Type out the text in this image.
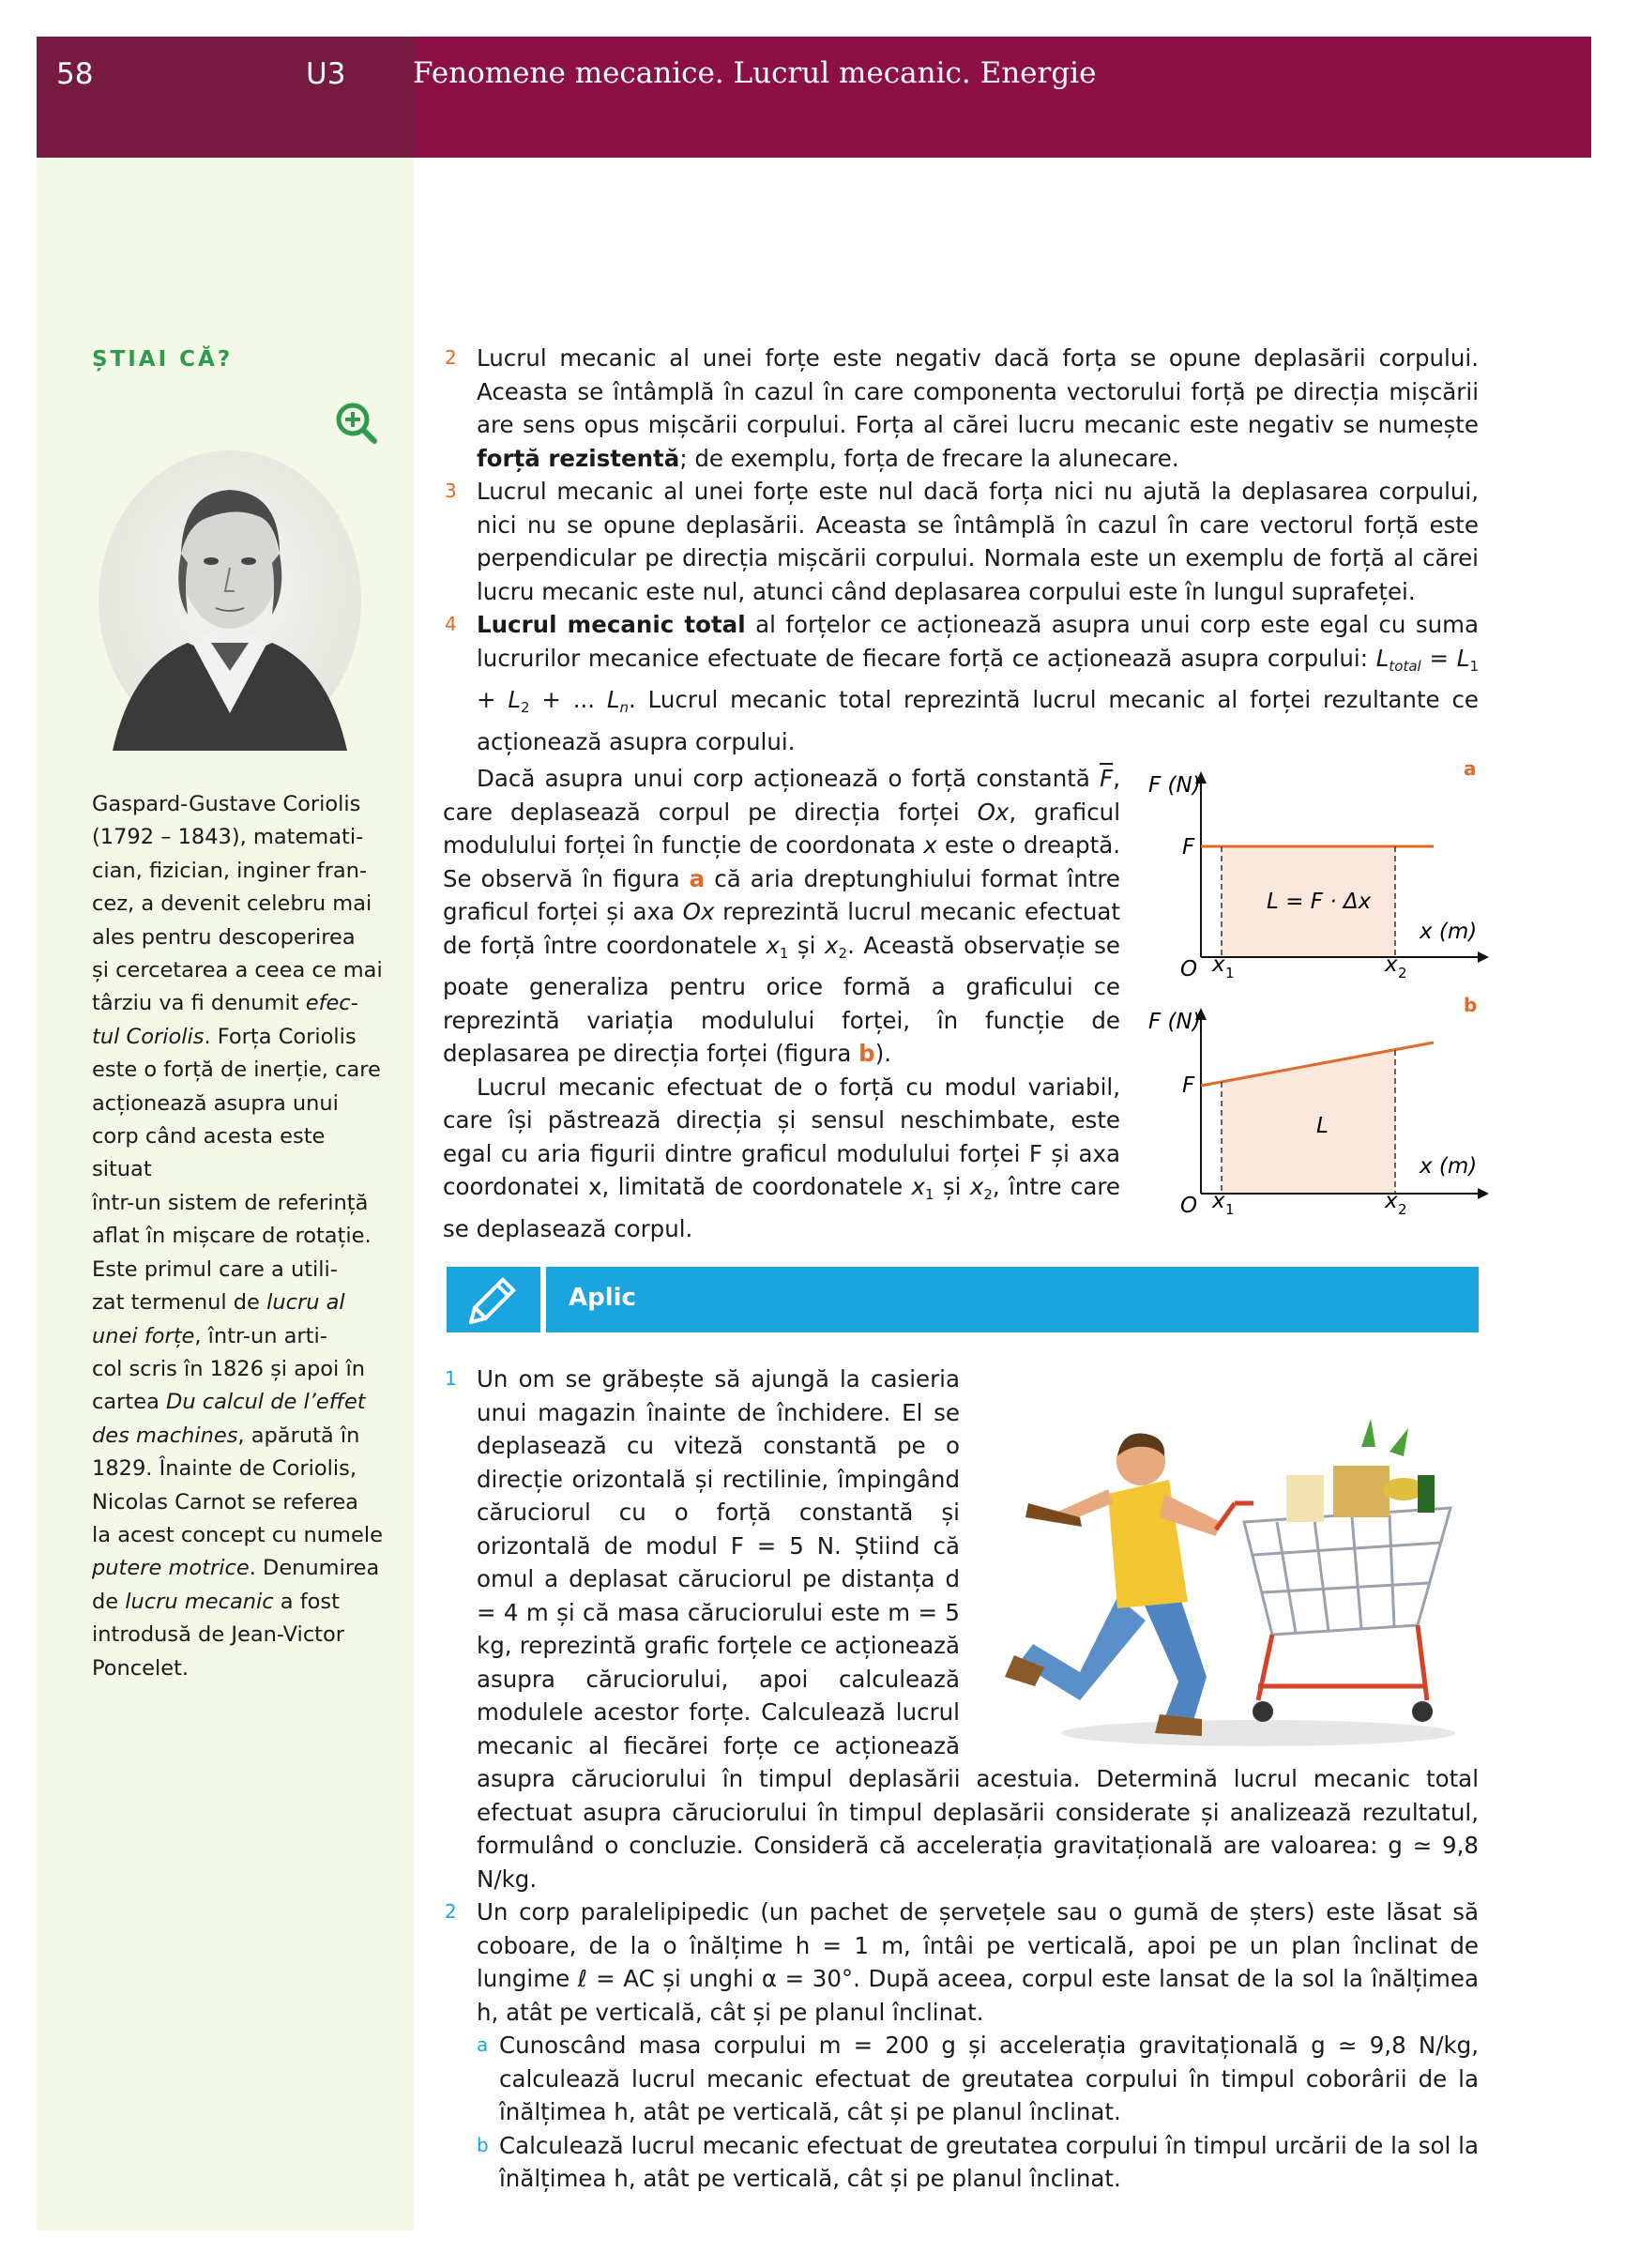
58	U3 Fenomene mecanice. Lucrul mecanic. Energie
ȘTIAI CĂ?
Gaspard-Gustave Coriolis
(1792 – 1843), matemati-
cian, fizician, inginer fran-
cez, a devenit celebru mai
ales pentru descoperirea
și cercetarea a ceea ce mai
târziu va fi denumit efec-
tul Coriolis. Forța Coriolis
este o forță de inerție, care
acționează asupra unui
corp când acesta este situat
într-un sistem de referință
aflat în mișcare de rotație.
Este primul care a utili-
zat termenul de lucru al
unei forțe, într-un arti-
col scris în 1826 și apoi în
cartea Du calcul de l’effet
des machines, apărută în
1829. Înainte de Coriolis,
Nicolas Carnot se referea
la acest concept cu numele
putere motrice. Denumirea
de lucru mecanic a fost
introdusă de Jean-Victor
Poncelet.
2 Lucrul mecanic al unei forțe este negativ dacă forța se opune deplasării corpului. Aceasta se întâmplă în cazul în care componenta vectorului forță pe direcția mișcării are sens opus mișcării corpului. Forța al cărei lucru mecanic este negativ se numește forță rezistentă; de exemplu, forța de frecare la alunecare.
3 Lucrul mecanic al unei forțe este nul dacă forța nici nu ajută la deplasarea corpului, nici nu se opune deplasării. Aceasta se întâmplă în cazul în care vectorul forță este perpendicular pe direcția mișcării corpului. Normala este un exemplu de forță al cărei lucru mecanic este nul, atunci când deplasarea corpului este în lungul suprafeței.
4 Lucrul mecanic total al forțelor ce acționează asupra unui corp este egal cu suma lucrurilor mecanice efectuate de fiecare forță ce acționează asupra corpului: $L_{total} = L_1 + L_2$ + ... $L_n$. Lucrul mecanic total reprezintă lucrul mecanic al forței rezultante ce acționează asupra corpului.

Dacă asupra unui corp acționează o forță constantă $\overline{F}$, care deplasează corpul pe direcția forței Ox, graficul modulului forței în funcție de coordonata x este o dreaptă. Se observă în figura a că aria dreptunghiului format între graficul forței și axa Ox reprezintă lucrul mecanic efectuat de forță între coordonatele $x_1$ și $x_2$. Această observație se poate generaliza pentru orice formă a graficului ce reprezintă variația modulului forței, în funcție de deplasarea pe direcția forței (figura b).

Lucrul mecanic efectuat de o forță cu modul variabil, care își păstrează direcția și sensul neschimbate, este egal cu aria figurii dintre graficul modulului forței F și axa coordonatei x, limitată de coordonatele $x_1$ și $x_2$, între care se deplasează corpul.

a
F (N)
F
O
x (m)
L = F · Δx
x 1	x 2
b
F (N)
F
O
x (m)
L
x 1	x 2
Aplic
1 Un om se grăbește să ajungă la casieria unui magazin înainte de închidere. El se deplasează cu viteză constantă pe o direcție orizontală și rectilinie, împingând căruciorul cu o forță constantă și orizontală de modul F = 5 N. Știind că omul a deplasat căruciorul pe distanța d = 4 m și că masa căruciorului este m = 5 kg, reprezintă grafic forțele ce acționează asupra căruciorului, apoi calculează modulele acestor forțe. Calculează lucrul mecanic al fiecărei forțe ce acționează asupra căruciorului în timpul deplasării acestuia. Determină lucrul mecanic total efectuat asupra căruciorului în timpul deplasării considerate și analizează rezultatul, formulând o concluzie. Consideră că accelerația gravitațională are valoarea: g ≃ 9,8 N/kg.
2 Un corp paralelipipedic (un pachet de șervețele sau o gumă de șters) este lăsat să coboare, de la o înălțime h = 1 m, întâi pe verticală, apoi pe un plan înclinat de lungime ℓ = AC și unghi α = 30°. După aceea, corpul este lansat de la sol la înălțimea h, atât pe verticală, cât și pe planul înclinat.
a Cunoscând masa corpului m = 200 g și accelerația gravitațională g ≃ 9,8 N/kg, calculează lucrul mecanic efectuat de greutatea corpului în timpul coborârii de la înălțimea h, atât pe verticală, cât și pe planul înclinat.
b Calculează lucrul mecanic efectuat de greutatea corpului în timpul urcării de la sol la înălțimea h, atât pe verticală, cât și pe planul înclinat.
